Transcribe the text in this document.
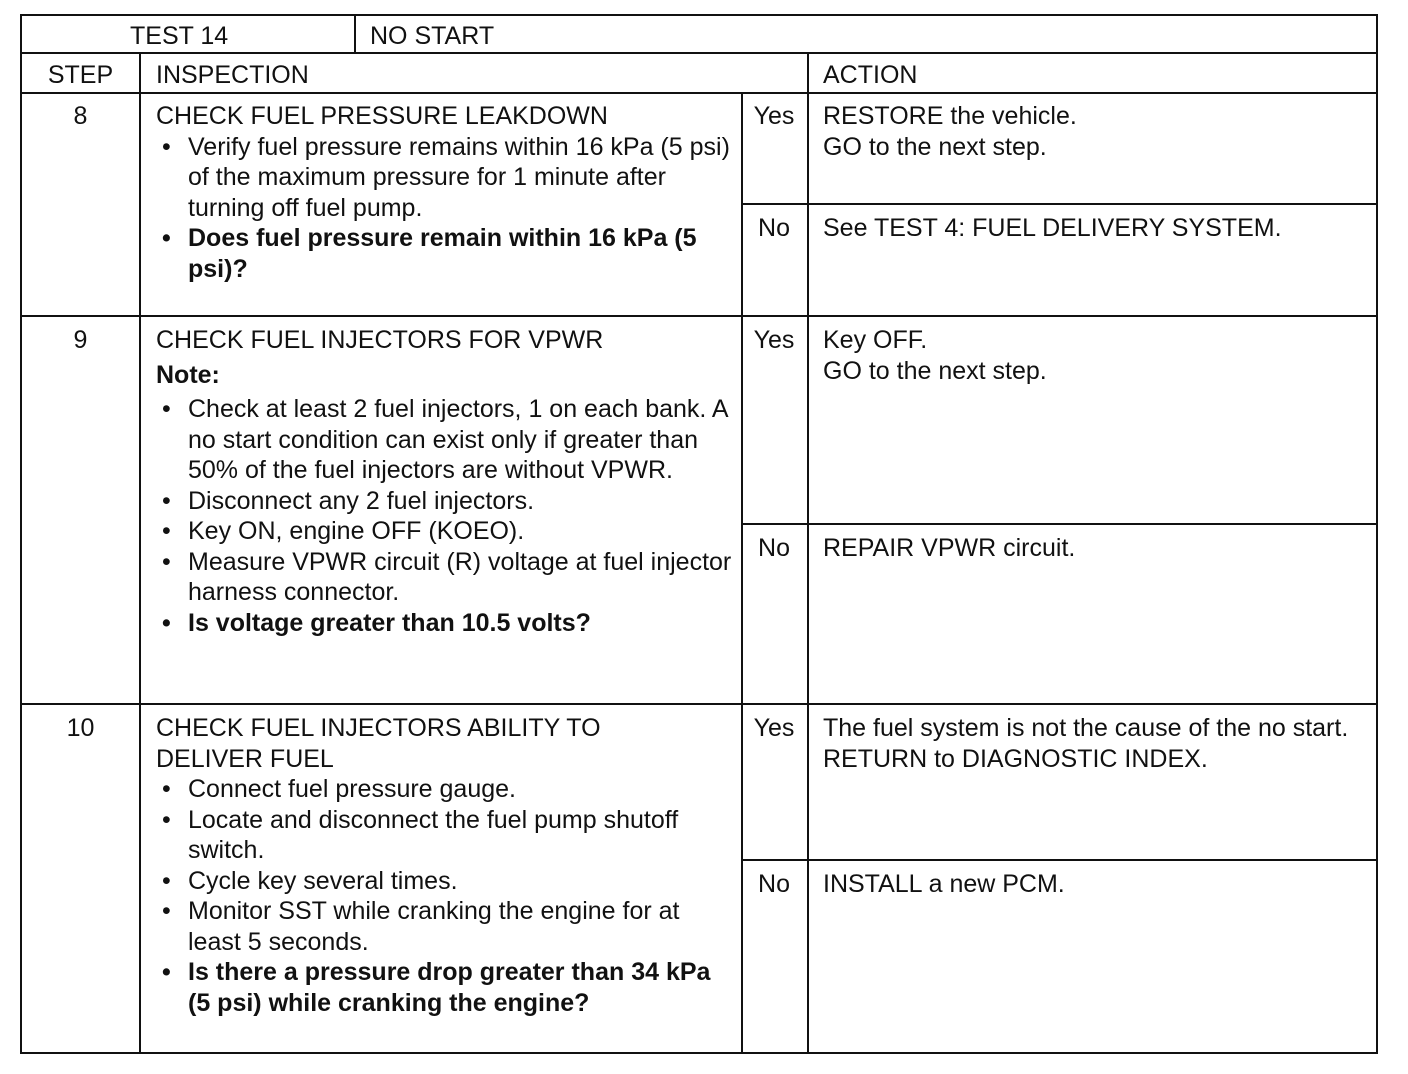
TEST 14	NO START
STEP	INSPECTION	ACTION
8	CHECK FUEL PRESSURE LEAKDOWN
• Verify fuel pressure remains within 16 kPa (5 psi) of the maximum pressure for 1 minute after turning off fuel pump.
• Does fuel pressure remain within 16 kPa (5 psi)?
Yes	RESTORE the vehicle.
GO to the next step.
No	See TEST 4: FUEL DELIVERY SYSTEM.
9	CHECK FUEL INJECTORS FOR VPWR
Note:
• Check at least 2 fuel injectors, 1 on each bank. A no start condition can exist only if greater than 50% of the fuel injectors are without VPWR.
• Disconnect any 2 fuel injectors.
• Key ON, engine OFF (KOEO).
• Measure VPWR circuit (R) voltage at fuel injector harness connector.
• Is voltage greater than 10.5 volts?
Yes	Key OFF.
GO to the next step.
No	REPAIR VPWR circuit.
10	CHECK FUEL INJECTORS ABILITY TO DELIVER FUEL
• Connect fuel pressure gauge.
• Locate and disconnect the fuel pump shutoff switch.
• Cycle key several times.
• Monitor SST while cranking the engine for at least 5 seconds.
• Is there a pressure drop greater than 34 kPa (5 psi) while cranking the engine?
Yes	The fuel system is not the cause of the no start. RETURN to DIAGNOSTIC INDEX.
No	INSTALL a new PCM.
